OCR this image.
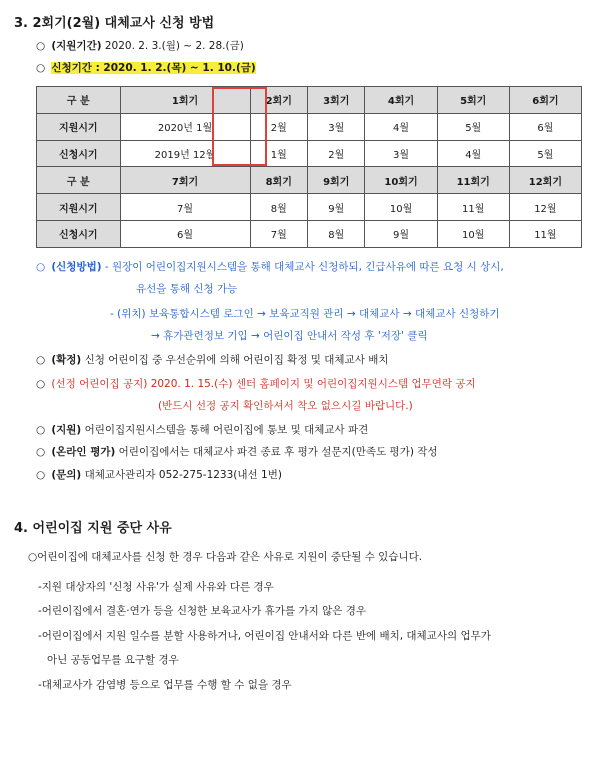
3. 2회기(2월) 대체교사 신청 방법
○ (지원기간) 2020. 2. 3.(월) ~ 2. 28.(금)
○ 신청기간 : 2020. 1. 2.(목) ~ 1. 10.(금)
구 분	1회기	2회기	3회기	4회기	5회기	6회기
지원시기	2020년 1월	2월	3월	4월	5월	6월
신청시기	2019년 12월	1월	2월	3월	4월	5월
구 분	7회기	8회기	9회기	10회기	11회기	12회기
지원시기	7월	8월	9월	10월	11월	12월
신청시기	6월	7월	8월	9월	10월	11월
○ (신청방법) - 원장이 어린이집지원시스템을 통해 대체교사 신청하되, 긴급사유에 따른 요청 시 상시,
유선을 통해 신청 가능
- (위치) 보육통합시스템 로그인 → 보육교직원 관리 → 대체교사 → 대체교사 신청하기
→ 휴가관련정보 기입 → 어린이집 안내서 작성 후 '저장' 클릭
○ (확정) 신청 어린이집 중 우선순위에 의해 어린이집 확정 및 대체교사 배치
○ (선정 어린이집 공지) 2020. 1. 15.(수) 센터 홈페이지 및 어린이집지원시스템 업무연락 공지
(반드시 선정 공지 확인하셔서 착오 없으시길 바랍니다.)
○ (지원) 어린이집지원시스템을 통해 어린이집에 통보 및 대체교사 파견
○ (온라인 평가) 어린이집에서는 대체교사 파견 종료 후 평가 설문지(만족도 평가) 작성
○ (문의) 대체교사관리자 052-275-1233(내선 1번)
4. 어린이집 지원 중단 사유
○어린이집에 대체교사를 신청 한 경우 다음과 같은 사유로 지원이 중단될 수 있습니다.
-지원 대상자의 '신청 사유'가 실제 사유와 다른 경우
-어린이집에서 결혼·연가 등을 신청한 보육교사가 휴가를 가지 않은 경우
-어린이집에서 지원 일수를 분할 사용하거나, 어린이집 안내서와 다른 반에 배치, 대체교사의 업무가
아닌 공동업무를 요구할 경우
-대체교사가 감염병 등으로 업무를 수행 할 수 없을 경우
